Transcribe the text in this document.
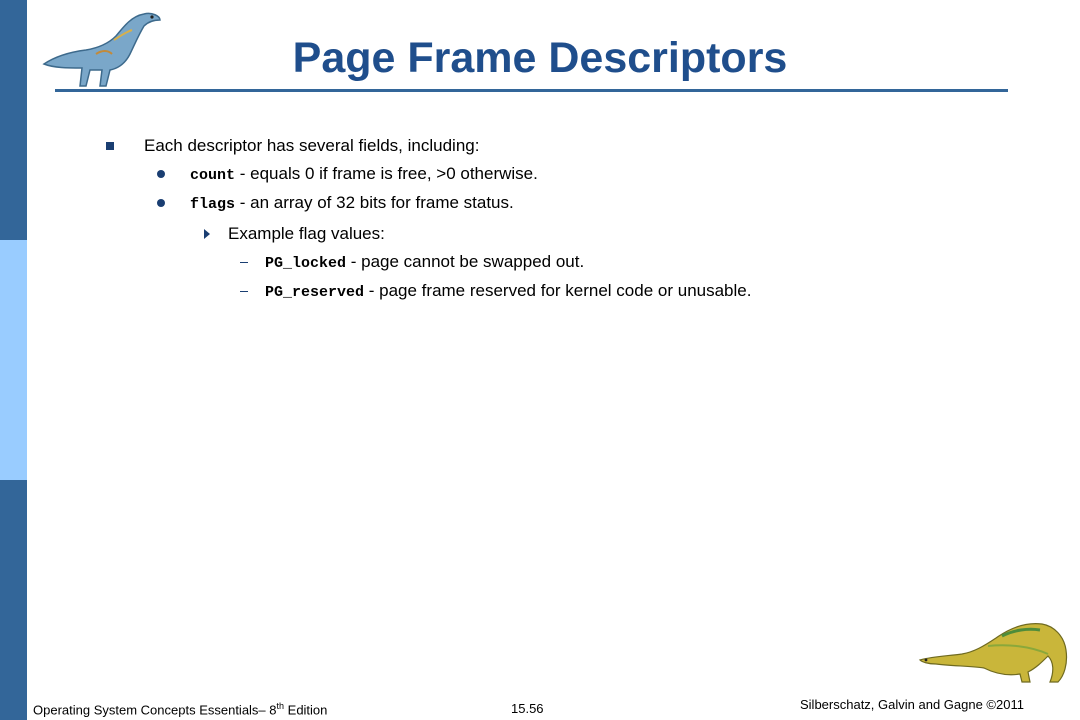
Page Frame Descriptors
Each descriptor has several fields, including:
count - equals 0 if frame is free, >0 otherwise.
flags - an array of 32 bits for frame status.
Example flag values:
PG_locked - page cannot be swapped out.
PG_reserved - page frame reserved for kernel code or unusable.
Operating System Concepts Essentials– 8th Edition	15.56	Silberschatz, Galvin and Gagne ©2011
